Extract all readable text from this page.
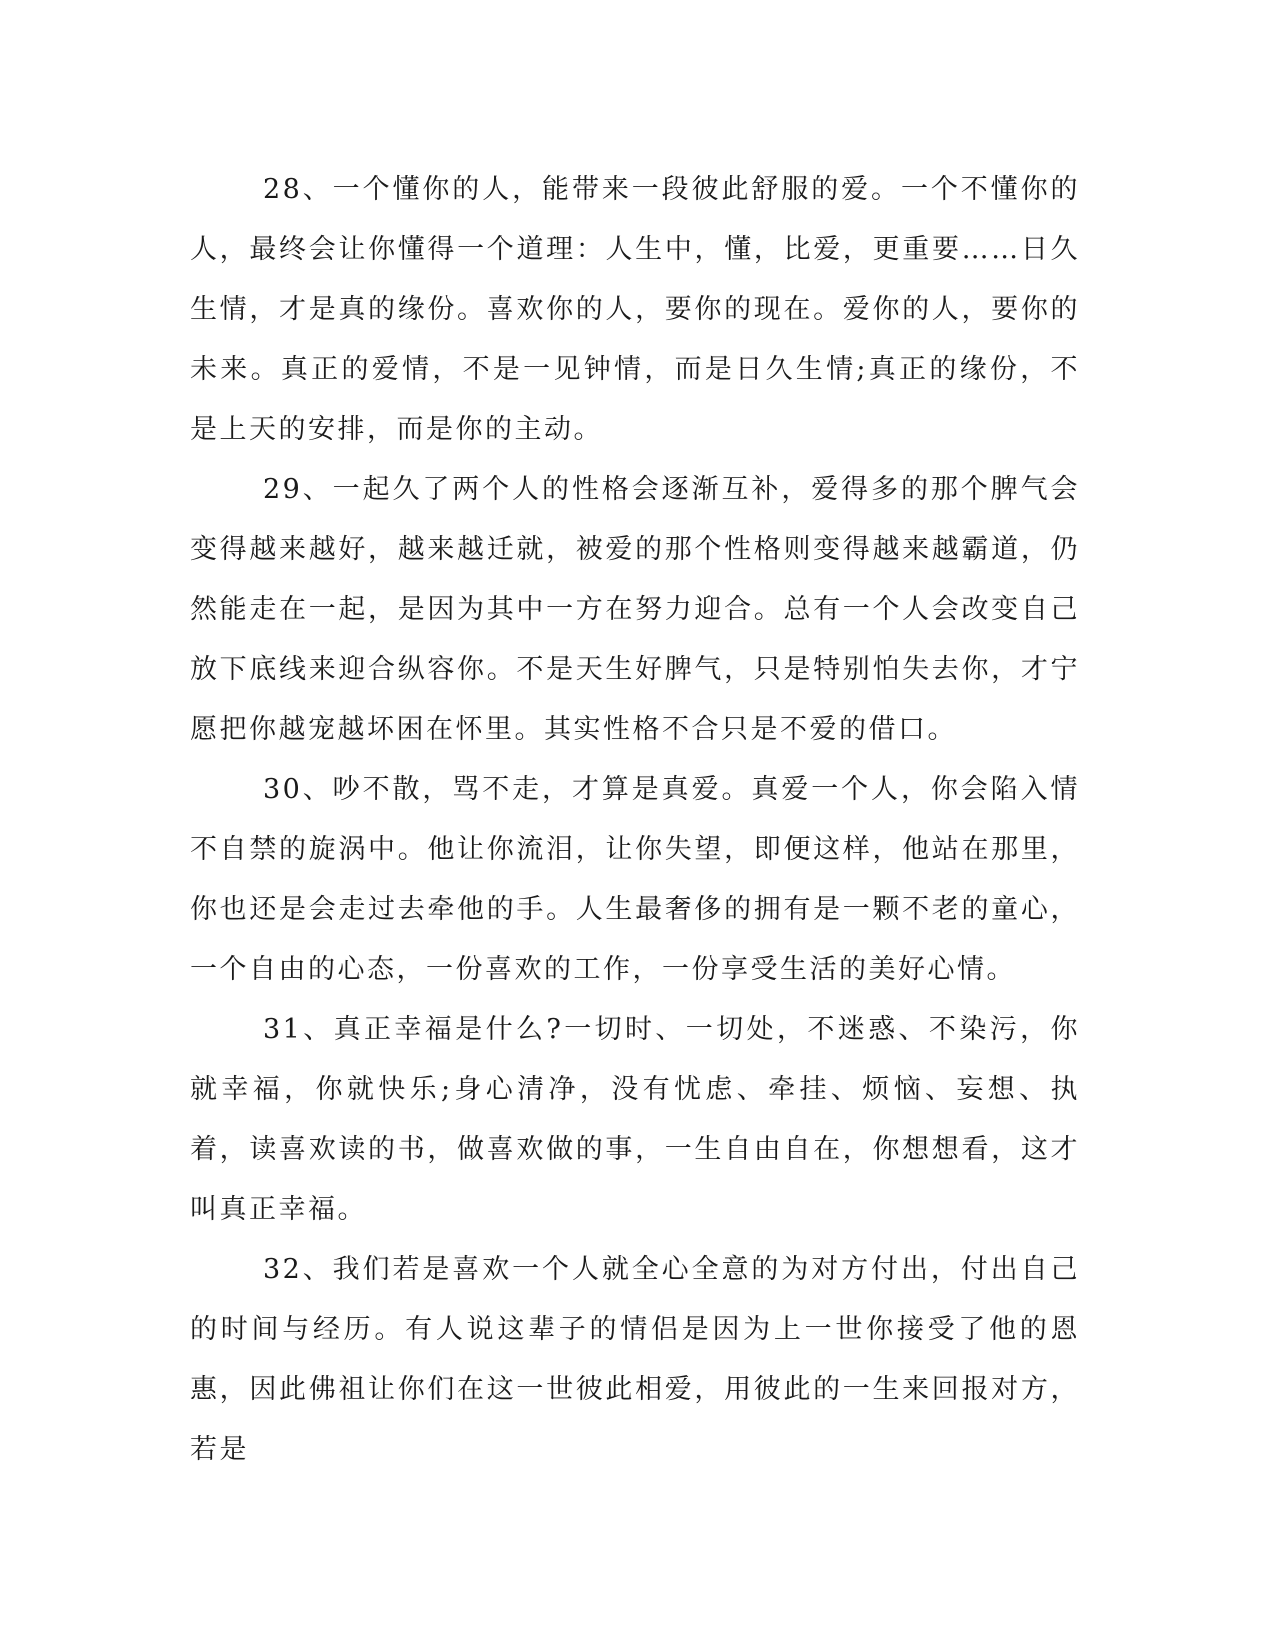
28、一个懂你的人，能带来一段彼此舒服的爱。一个不懂你的人，最终会让你懂得一个道理：人生中，懂，比爱，更重要……日久生情，才是真的缘份。喜欢你的人，要你的现在。爱你的人，要你的未来。真正的爱情，不是一见钟情，而是日久生情;真正的缘份，不是上天的安排，而是你的主动。

29、一起久了两个人的性格会逐渐互补，爱得多的那个脾气会变得越来越好，越来越迁就，被爱的那个性格则变得越来越霸道，仍然能走在一起，是因为其中一方在努力迎合。总有一个人会改变自己放下底线来迎合纵容你。不是天生好脾气，只是特别怕失去你，才宁愿把你越宠越坏困在怀里。其实性格不合只是不爱的借口。

30、吵不散，骂不走，才算是真爱。真爱一个人，你会陷入情不自禁的旋涡中。他让你流泪，让你失望，即便这样，他站在那里，你也还是会走过去牵他的手。人生最奢侈的拥有是一颗不老的童心，一个自由的心态，一份喜欢的工作，一份享受生活的美好心情。

31、真正幸福是什么?一切时、一切处，不迷惑、不染污，你就幸福，你就快乐;身心清净，没有忧虑、牵挂、烦恼、妄想、执着，读喜欢读的书，做喜欢做的事，一生自由自在，你想想看，这才叫真正幸福。

32、我们若是喜欢一个人就全心全意的为对方付出，付出自己的时间与经历。有人说这辈子的情侣是因为上一世你接受了他的恩惠，因此佛祖让你们在这一世彼此相爱，用彼此的一生来回报对方，若是
